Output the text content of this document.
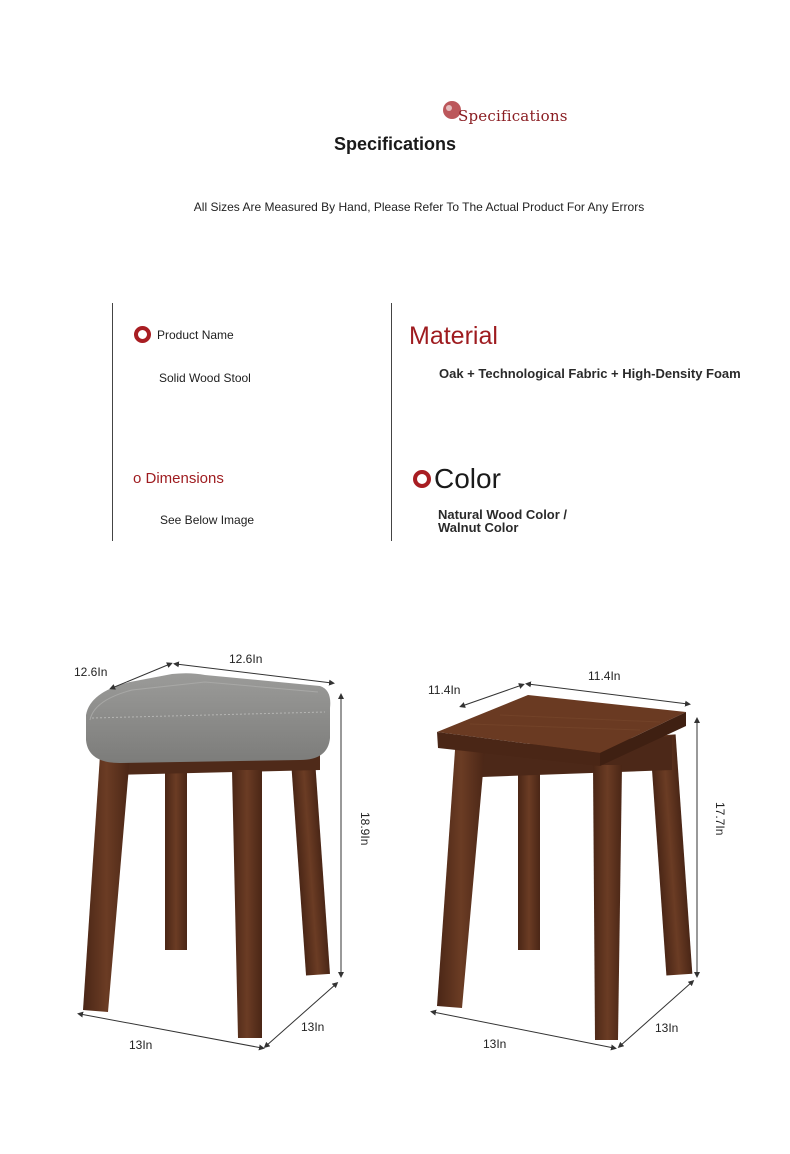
Specifications
Specifications
All Sizes Are Measured By Hand, Please Refer To The Actual Product For Any Errors
Product Name
Solid Wood Stool
Material
Oak + Technological Fabric + High-Density Foam
o Dimensions
See Below Image
Color
Natural Wood Color /
Walnut Color
12.6In
12.6In
18.9In
13In
13In
11.4In
11.4In
17.7In
13In
13In
